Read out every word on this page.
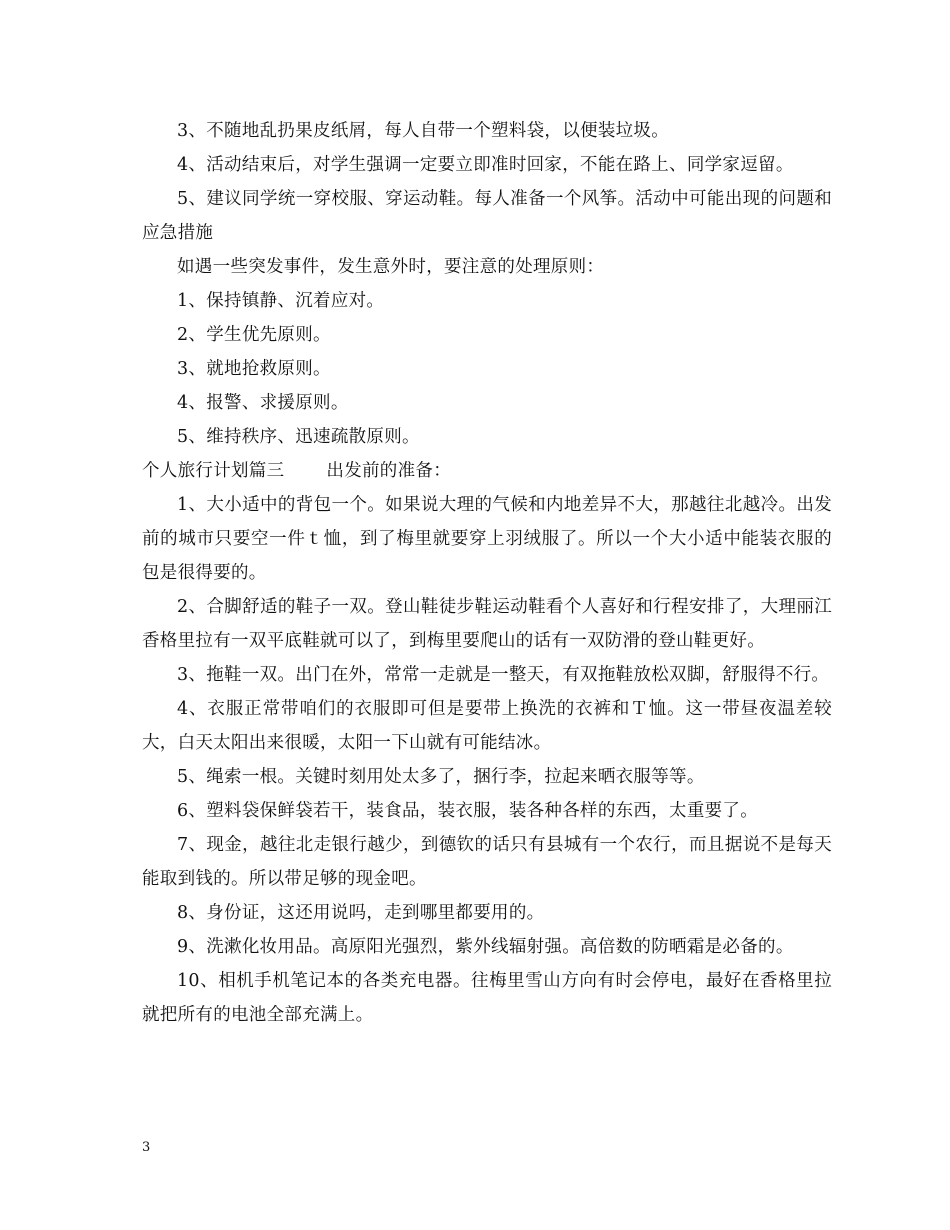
3、不随地乱扔果皮纸屑，每人自带一个塑料袋，以便装垃圾。

4、活动结束后，对学生强调一定要立即准时回家，不能在路上、同学家逗留。

5、建议同学统一穿校服、穿运动鞋。每人准备一个风筝。活动中可能出现的问题和应急措施

如遇一些突发事件，发生意外时，要注意的处理原则：

1、保持镇静、沉着应对。

2、学生优先原则。

3、就地抢救原则。

4、报警、求援原则。

5、维持秩序、迅速疏散原则。

个人旅行计划篇三 出发前的准备：

1、大小适中的背包一个。如果说大理的气候和内地差异不大，那越往北越冷。出发前的城市只要空一件ｔ恤，到了梅里就要穿上羽绒服了。所以一个大小适中能装衣服的包是很得要的。

2、合脚舒适的鞋子一双。登山鞋徒步鞋运动鞋看个人喜好和行程安排了，大理丽江香格里拉有一双平底鞋就可以了，到梅里要爬山的话有一双防滑的登山鞋更好。

3、拖鞋一双。出门在外，常常一走就是一整天，有双拖鞋放松双脚，舒服得不行。

4、衣服正常带咱们的衣服即可但是要带上换洗的衣裤和Ｔ恤。这一带昼夜温差较大，白天太阳出来很暖，太阳一下山就有可能结冰。

5、绳索一根。关键时刻用处太多了，捆行李，拉起来晒衣服等等。

6、塑料袋保鲜袋若干，装食品，装衣服，装各种各样的东西，太重要了。

7、现金，越往北走银行越少，到德钦的话只有县城有一个农行，而且据说不是每天能取到钱的。所以带足够的现金吧。

8、身份证，这还用说吗，走到哪里都要用的。

9、洗漱化妆用品。高原阳光强烈，紫外线辐射强。高倍数的防晒霜是必备的。

10、相机手机笔记本的各类充电器。往梅里雪山方向有时会停电，最好在香格里拉就把所有的电池全部充满上。

3
